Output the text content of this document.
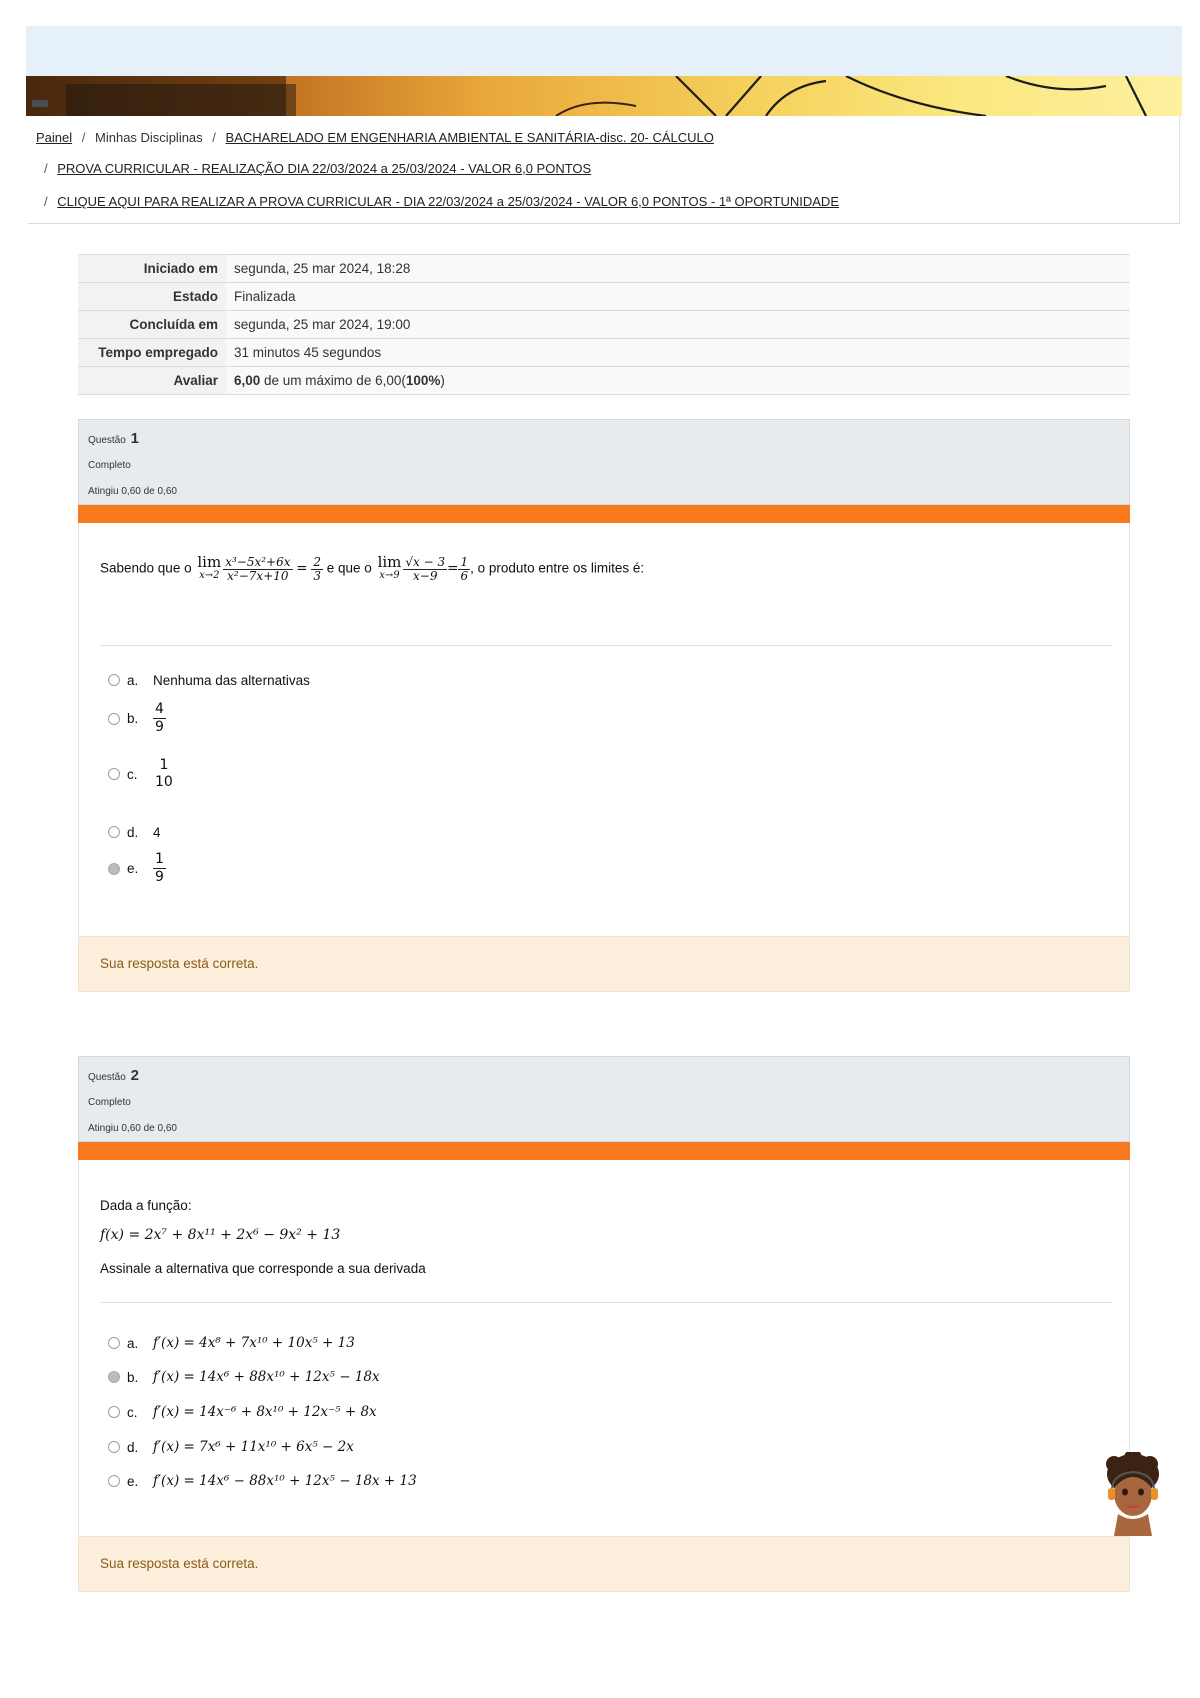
Painel / Minhas Disciplinas / BACHARELADO EM ENGENHARIA AMBIENTAL E SANITÁRIA-disc. 20- CÁLCULO
/ PROVA CURRICULAR - REALIZAÇÃO DIA 22/03/2024 a 25/03/2024 - VALOR 6,0 PONTOS
/ CLIQUE AQUI PARA REALIZAR A PROVA CURRICULAR - DIA 22/03/2024 a 25/03/2024 - VALOR 6,0 PONTOS - 1ª OPORTUNIDADE
Iniciado em	segunda, 25 mar 2024, 18:28
Estado	Finalizada
Concluída em	segunda, 25 mar 2024, 19:00
Tempo empregado	31 minutos 45 segundos
Avaliar	6,00 de um máximo de 6,00(100%)
Questão 1
Completo
Atingiu 0,60 de 0,60
Sabendo que o lim
$x\to 2 \frac{\text{x³−5x²+6x}}{\text{x²−7x+10}} = \frac{2}{3}$ e que o lim
$x\to 9 \frac{√x - 3}{x-9} = \frac{1}{6}$ , o produto entre os limites é:
a. Nenhuma das alternativas
b. $\frac{4}{9}$
c.
1
10
d. 4
e. $\frac{1}{9}$
Sua resposta está correta.
Questão 2
Completo
Atingiu 0,60 de 0,60
Dada a função:
f(x) = 2x⁷ + 8x¹¹ + 2x⁶ − 9x² + 13
Assinale a alternativa que corresponde a sua derivada
a. f′(x) = 4x⁸ + 7x¹⁰ + 10x⁵ + 13
b. f′(x) = 14x⁶ + 88x¹⁰ + 12x⁵ − 18x
c. f′(x) = 14x⁻⁶ + 8x¹⁰ + 12x⁻⁵ + 8x
d. f′(x) = 7x⁶ + 11x¹⁰ + 6x⁵ − 2x
e. f′(x) = 14x⁶ − 88x¹⁰ + 12x⁵ − 18x + 13
Sua resposta está correta.
